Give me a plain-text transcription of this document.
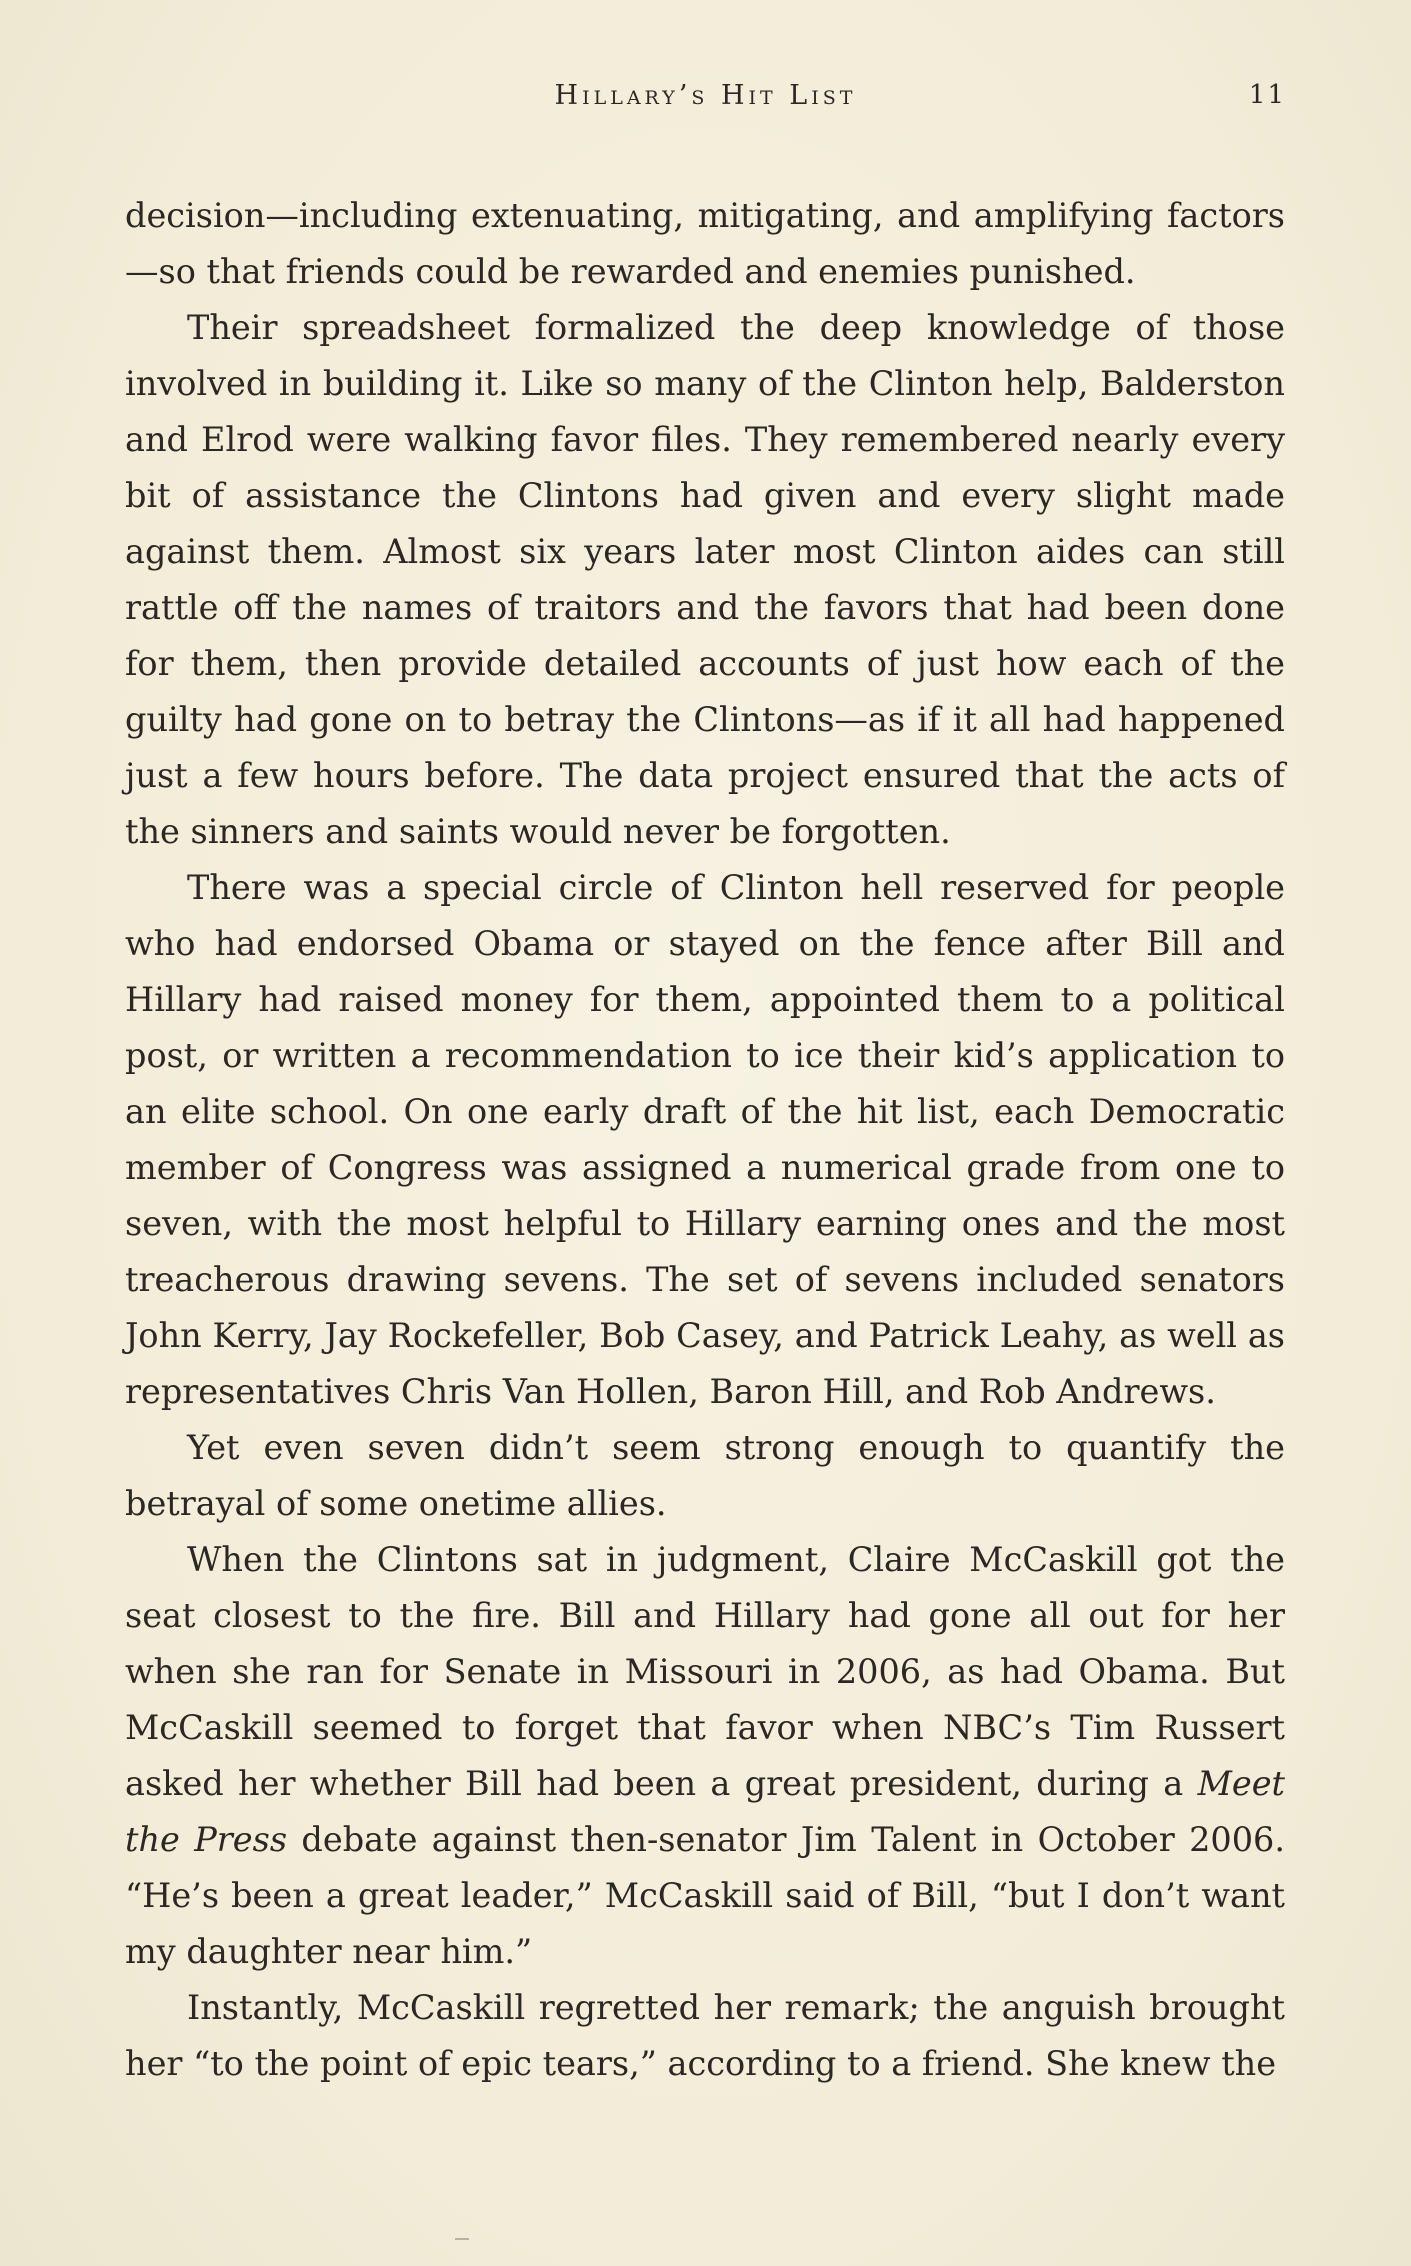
Hillary’s Hit List	11

decision—including extenuating, mitigating, and amplifying factors—so that friends could be rewarded and enemies punished.

Their spreadsheet formalized the deep knowledge of those involved in building it. Like so many of the Clinton help, Balderston and Elrod were walking favor files. They remembered nearly every bit of assistance the Clintons had given and every slight made against them. Almost six years later most Clinton aides can still rattle off the names of traitors and the favors that had been done for them, then provide detailed accounts of just how each of the guilty had gone on to betray the Clintons—as if it all had happened just a few hours before. The data project ensured that the acts of the sinners and saints would never be forgotten.

There was a special circle of Clinton hell reserved for people who had endorsed Obama or stayed on the fence after Bill and Hillary had raised money for them, appointed them to a political post, or written a recommendation to ice their kid’s application to an elite school. On one early draft of the hit list, each Democratic member of Congress was assigned a numerical grade from one to seven, with the most helpful to Hillary earning ones and the most treacherous drawing sevens. The set of sevens included senators John Kerry, Jay Rockefeller, Bob Casey, and Patrick Leahy, as well as representatives Chris Van Hollen, Baron Hill, and Rob Andrews.

Yet even seven didn’t seem strong enough to quantify the betrayal of some onetime allies.

When the Clintons sat in judgment, Claire McCaskill got the seat closest to the fire. Bill and Hillary had gone all out for her when she ran for Senate in Missouri in 2006, as had Obama. But McCaskill seemed to forget that favor when NBC’s Tim Russert asked her whether Bill had been a great president, during a Meet the Press debate against then-senator Jim Talent in October 2006. “He’s been a great leader,” McCaskill said of Bill, “but I don’t want my daughter near him.”

Instantly, McCaskill regretted her remark; the anguish brought her “to the point of epic tears,” according to a friend. She knew the
